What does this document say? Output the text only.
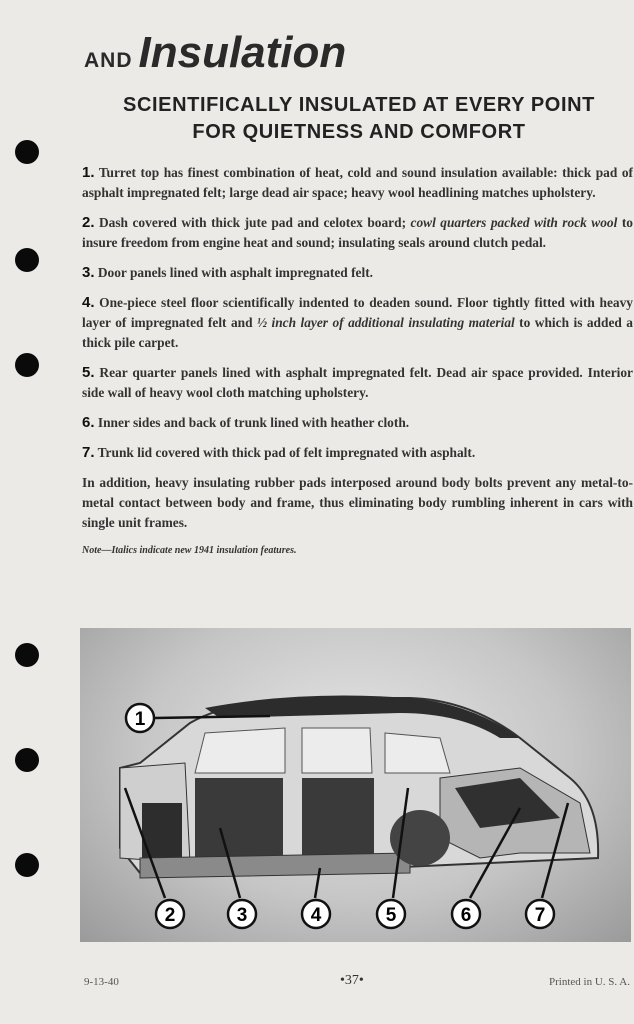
AND Insulation
SCIENTIFICALLY INSULATED AT EVERY POINT
FOR QUIETNESS AND COMFORT

1. Turret top has finest combination of heat, cold and sound insulation available: thick pad of asphalt impregnated felt; large dead air space; heavy wool headlining matches upholstery.

2. Dash covered with thick jute pad and celotex board; cowl quarters packed with rock wool to insure freedom from engine heat and sound; insulating seals around clutch pedal.

3. Door panels lined with asphalt impregnated felt.

4. One-piece steel floor scientifically indented to deaden sound. Floor tightly fitted with heavy layer of impregnated felt and ½ inch layer of additional insulating material to which is added a thick pile carpet.

5. Rear quarter panels lined with asphalt impregnated felt. Dead air space provided. Interior side wall of heavy wool cloth matching upholstery.

6. Inner sides and back of trunk lined with heather cloth.

7. Trunk lid covered with thick pad of felt impregnated with asphalt.

In addition, heavy insulating rubber pads interposed around body bolts prevent any metal-to-metal contact between body and frame, thus eliminating body rumbling inherent in cars with single unit frames.

Note—Italics indicate new 1941 insulation features.

1
2	3	4	5	6	7
9-13-40	•37•	Printed in U. S. A.
